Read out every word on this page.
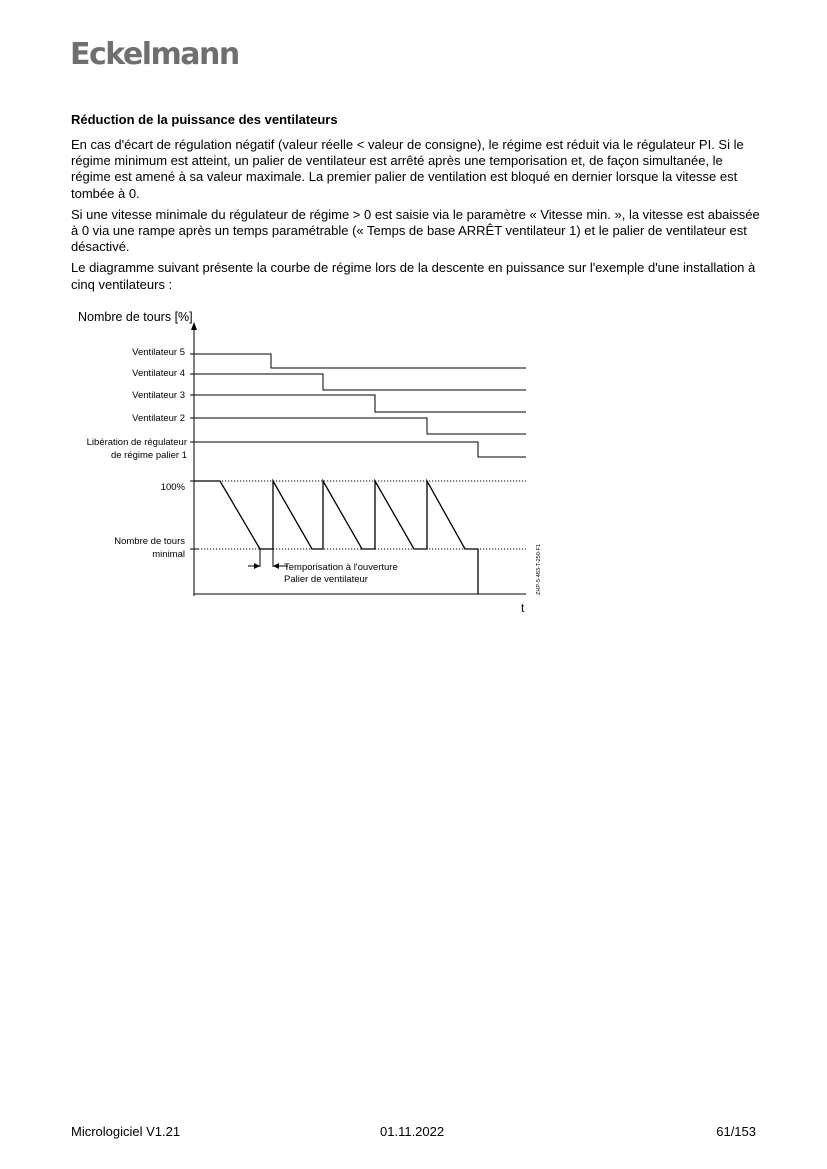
Eckelmann

Réduction de la puissance des ventilateurs

En cas d'écart de régulation négatif (valeur réelle < valeur de consigne), le régime est réduit via le régulateur PI. Si le régime minimum est atteint, un palier de ventilateur est arrêté après une temporisation et, de façon simultanée, le régime est amené à sa valeur maximale. La premier palier de ventilation est bloqué en dernier lorsque la vitesse est tombée à 0.

Si une vitesse minimale du régulateur de régime > 0 est saisie via le paramètre « Vitesse min. », la vitesse est abaissée à 0 via une rampe après un temps paramétrable (« Temps de base ARRÊT ventilateur 1) et le palier de ventilateur est désactivé.

Le diagramme suivant présente la courbe de régime lors de la descente en puissance sur l'exemple d'une installation à cinq ventilateurs :

Nombre de tours [%]
Ventilateur 5
Ventilateur 4
Ventilateur 3
Ventilateur 2
Libération de régulateur
de régime palier 1
100%
Nombre de tours
minimal
Temporisation à l'ouverture
Palier de ventilateur
t
ZHP-5-483-T-250-F1
Micrologiciel V1.21	01.11.2022	61/153
